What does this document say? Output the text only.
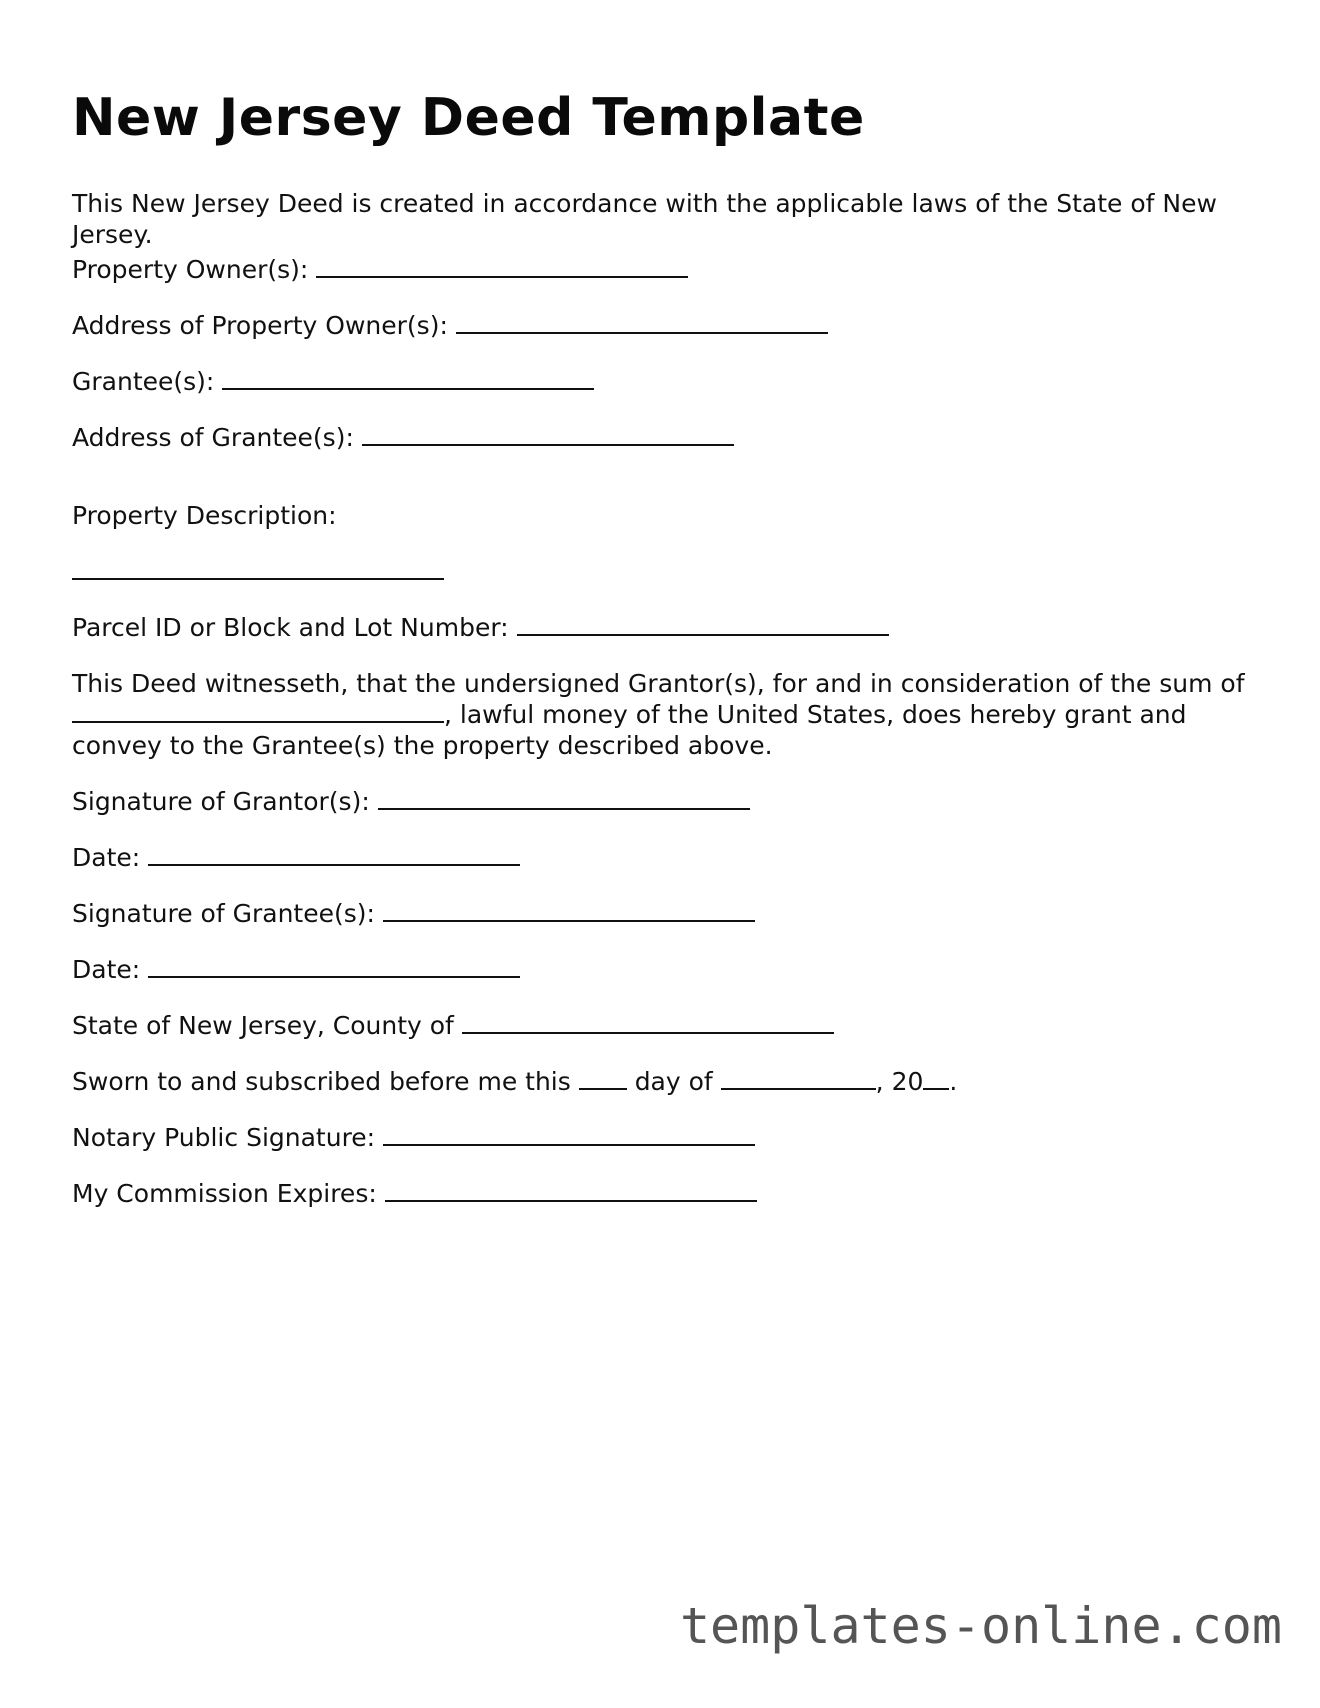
New Jersey Deed Template

This New Jersey Deed is created in accordance with the applicable laws of the State of New Jersey.

Property Owner(s):

Address of Property Owner(s):

Grantee(s):

Address of Grantee(s):

Property Description:

Parcel ID or Block and Lot Number:

This Deed witnesseth, that the undersigned Grantor(s), for and in consideration of the sum of , lawful money of the United States, does hereby grant and convey to the Grantee(s) the property described above.

Signature of Grantor(s):

Date:

Signature of Grantee(s):

Date:

State of New Jersey, County of

Sworn to and subscribed before me this	day of	, 20 .

Notary Public Signature:

My Commission Expires:

templates-online.com
